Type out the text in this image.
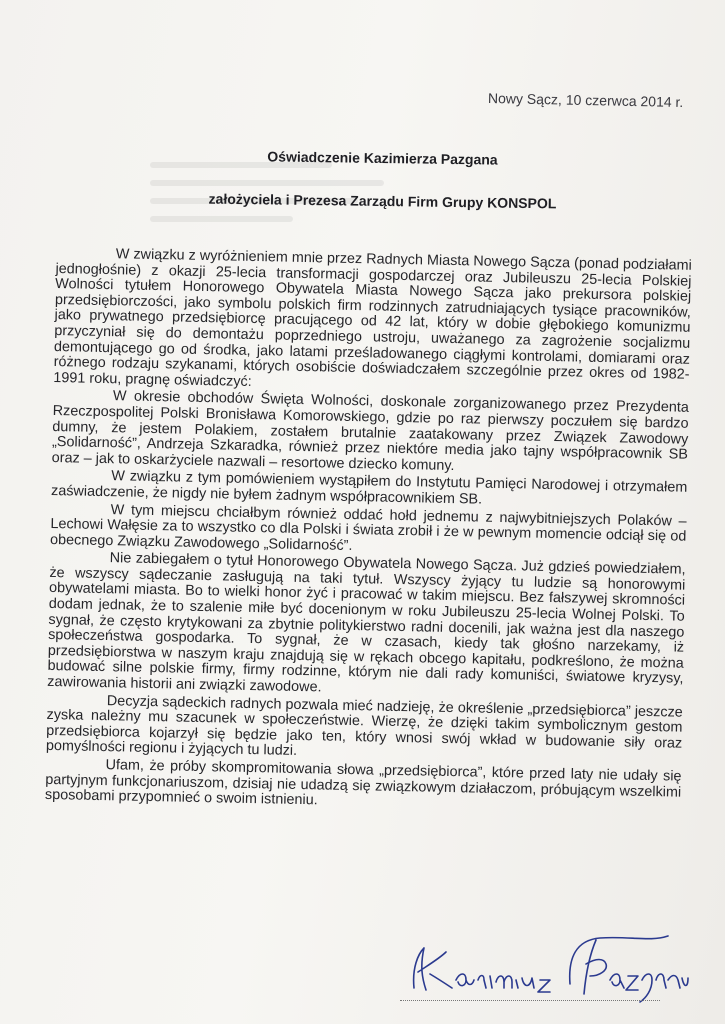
Nowy Sącz, 10 czerwca 2014 r.
Oświadczenie Kazimierza Pazgana
założyciela i Prezesa Zarządu Firm Grupy KONSPOL

W związku z wyróżnieniem mnie przez Radnych Miasta Nowego Sącza (ponad podziałami jednogłośnie) z okazji 25-lecia transformacji gospodarczej oraz Jubileuszu 25-lecia Polskiej Wolności tytułem Honorowego Obywatela Miasta Nowego Sącza jako prekursora polskiej przedsiębiorczości, jako symbolu polskich firm rodzinnych zatrudniających tysiące pracowników, jako prywatnego przedsiębiorcę pracującego od 42 lat, który w dobie głębokiego komunizmu przyczyniał się do demontażu poprzedniego ustroju, uważanego za zagrożenie socjalizmu demontującego go od środka, jako latami prześladowanego ciągłymi kontrolami, domiarami oraz różnego rodzaju szykanami, których osobiście doświadczałem szczególnie przez okres od 1982-1991 roku, pragnę oświadczyć:

W okresie obchodów Święta Wolności, doskonale zorganizowanego przez Prezydenta Rzeczpospolitej Polski Bronisława Komorowskiego, gdzie po raz pierwszy poczułem się bardzo dumny, że jestem Polakiem, zostałem brutalnie zaatakowany przez Związek Zawodowy „Solidarność”, Andrzeja Szkaradka, również przez niektóre media jako tajny współpracownik SB oraz – jak to oskarżyciele nazwali – resortowe dziecko komuny.

W związku z tym pomówieniem wystąpiłem do Instytutu Pamięci Narodowej i otrzymałem zaświadczenie, że nigdy nie byłem żadnym współpracownikiem SB.

W tym miejscu chciałbym również oddać hołd jednemu z najwybitniejszych Polaków – Lechowi Wałęsie za to wszystko co dla Polski i świata zrobił i że w pewnym momencie odciął się od obecnego Związku Zawodowego „Solidarność”.

Nie zabiegałem o tytuł Honorowego Obywatela Nowego Sącza. Już gdzieś powiedziałem, że wszyscy sądeczanie zasługują na taki tytuł. Wszyscy żyjący tu ludzie są honorowymi obywatelami miasta. Bo to wielki honor żyć i pracować w takim miejscu. Bez fałszywej skromności dodam jednak, że to szalenie miłe być docenionym w roku Jubileuszu 25-lecia Wolnej Polski. To sygnał, że często krytykowani za zbytnie politykierstwo radni docenili, jak ważna jest dla naszego społeczeństwa gospodarka. To sygnał, że w czasach, kiedy tak głośno narzekamy, iż przedsiębiorstwa w naszym kraju znajdują się w rękach obcego kapitału, podkreślono, że można budować silne polskie firmy, firmy rodzinne, którym nie dali rady komuniści, światowe kryzysy, zawirowania historii ani związki zawodowe.

Decyzja sądeckich radnych pozwala mieć nadzieję, że określenie „przedsiębiorca” jeszcze zyska należny mu szacunek w społeczeństwie. Wierzę, że dzięki takim symbolicznym gestom przedsiębiorca kojarzył się będzie jako ten, który wnosi swój wkład w budowanie siły oraz pomyślności regionu i żyjących tu ludzi.

Ufam, że próby skompromitowania słowa „przedsiębiorca”, które przed laty nie udały się partyjnym funkcjonariuszom, dzisiaj nie udadzą się związkowym działaczom, próbującym wszelkimi sposobami przypomnieć o swoim istnieniu.
